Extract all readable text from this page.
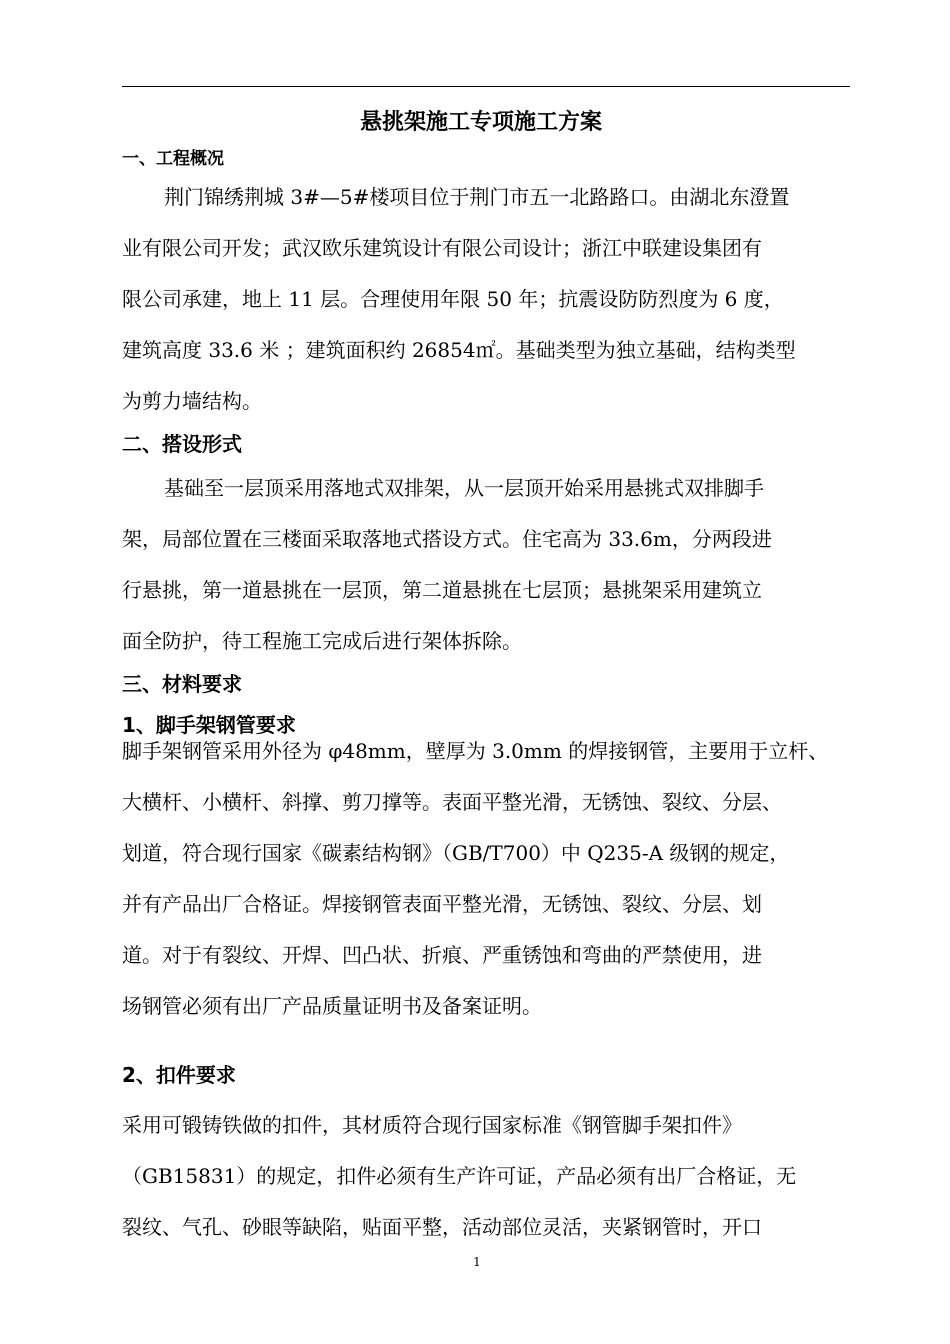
悬挑架施工专项施工方案
一、工程概况
荆门锦绣荆城 3#—5#楼项目位于荆门市五一北路路口。由湖北东澄置
业有限公司开发；武汉欧乐建筑设计有限公司设计；浙江中联建设集团有
限公司承建，地上 11 层。合理使用年限 50 年；抗震设防防烈度为 6 度，
建筑高度 33.6 米 ；建筑面积约 26854㎡。基础类型为独立基础，结构类型
为剪力墙结构。
二、搭设形式
基础至一层顶采用落地式双排架，从一层顶开始采用悬挑式双排脚手
架，局部位置在三楼面采取落地式搭设方式。住宅高为 33.6m，分两段进
行悬挑，第一道悬挑在一层顶，第二道悬挑在七层顶；悬挑架采用建筑立
面全防护，待工程施工完成后进行架体拆除。
三、材料要求
1、脚手架钢管要求
脚手架钢管采用外径为 φ48mm，壁厚为 3.0mm 的焊接钢管，主要用于立杆、
大横杆、小横杆、斜撑、剪刀撑等。表面平整光滑，无锈蚀、裂纹、分层、
划道，符合现行国家《碳素结构钢》（GB/T700）中 Q235-A 级钢的规定，
并有产品出厂合格证。焊接钢管表面平整光滑，无锈蚀、裂纹、分层、划
道。对于有裂纹、开焊、凹凸状、折痕、严重锈蚀和弯曲的严禁使用，进
场钢管必须有出厂产品质量证明书及备案证明。
2、扣件要求
采用可锻铸铁做的扣件，其材质符合现行国家标准《钢管脚手架扣件》
（GB15831）的规定，扣件必须有生产许可证，产品必须有出厂合格证，无
裂纹、气孔、砂眼等缺陷，贴面平整，活动部位灵活，夹紧钢管时，开口
1
